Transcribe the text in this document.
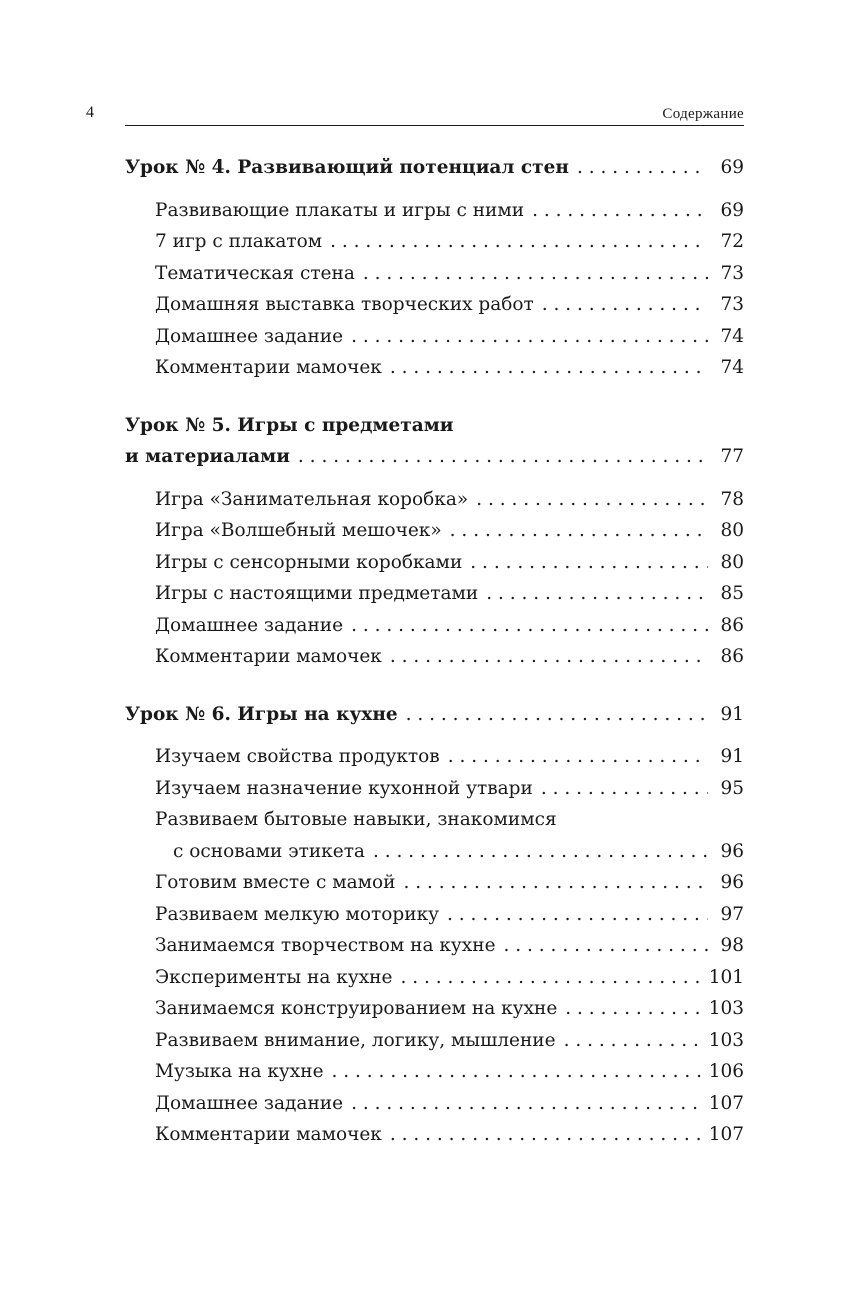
4	Содержание
Урок № 4. Развивающий потенциал стен . . .	69
Развивающие плакаты и игры с ними . . .	69
7 игр с плакатом . . .	72
Тематическая стена . . .	73
Домашняя выставка творческих работ . . .	73
Домашнее задание . . .	74
Комментарии мамочек . . .	74
Урок № 5. Игры с предметами
и материалами . . .	77
Игра «Занимательная коробка» . . .	78
Игра «Волшебный мешочек» . . .	80
Игры с сенсорными коробками . . .	80
Игры с настоящими предметами . . .	85
Домашнее задание . . .	86
Комментарии мамочек . . .	86
Урок № 6. Игры на кухне . . .	91
Изучаем свойства продуктов . . .	91
Изучаем назначение кухонной утвари . . .	95
Развиваем бытовые навыки, знакомимся
с основами этикета . . .	96
Готовим вместе с мамой . . .	96
Развиваем мелкую моторику . . .	97
Занимаемся творчеством на кухне . . .	98
Эксперименты на кухне . . .	101
Занимаемся конструированием на кухне . . .	103
Развиваем внимание, логику, мышление . . .	103
Музыка на кухне . . .	106
Домашнее задание . . .	107
Комментарии мамочек . . .	107
